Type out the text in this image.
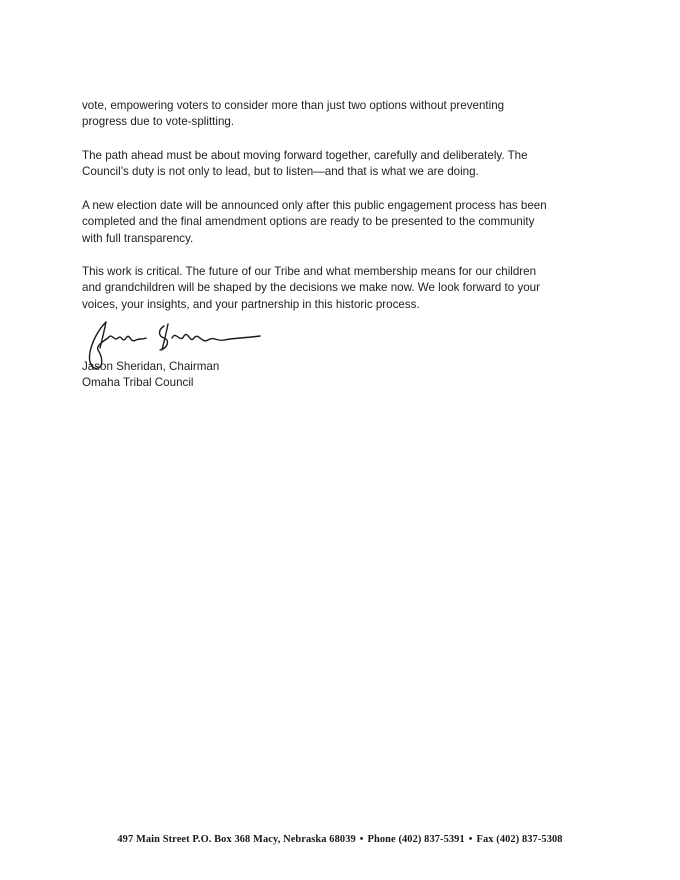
vote, empowering voters to consider more than just two options without preventing

progress due to vote-splitting.

The path ahead must be about moving forward together, carefully and deliberately. The

Council’s duty is not only to lead, but to listen—and that is what we are doing.

A new election date will be announced only after this public engagement process has been

completed and the final amendment options are ready to be presented to the community

with full transparency.

This work is critical. The future of our Tribe and what membership means for our children

and grandchildren will be shaped by the decisions we make now. We look forward to your

voices, your insights, and your partnership in this historic process.

Jason Sheridan, Chairman
Omaha Tribal Council
497 Main Street P.O. Box 368 Macy, Nebraska 68039 • Phone (402) 837-5391 • Fax (402) 837-5308
